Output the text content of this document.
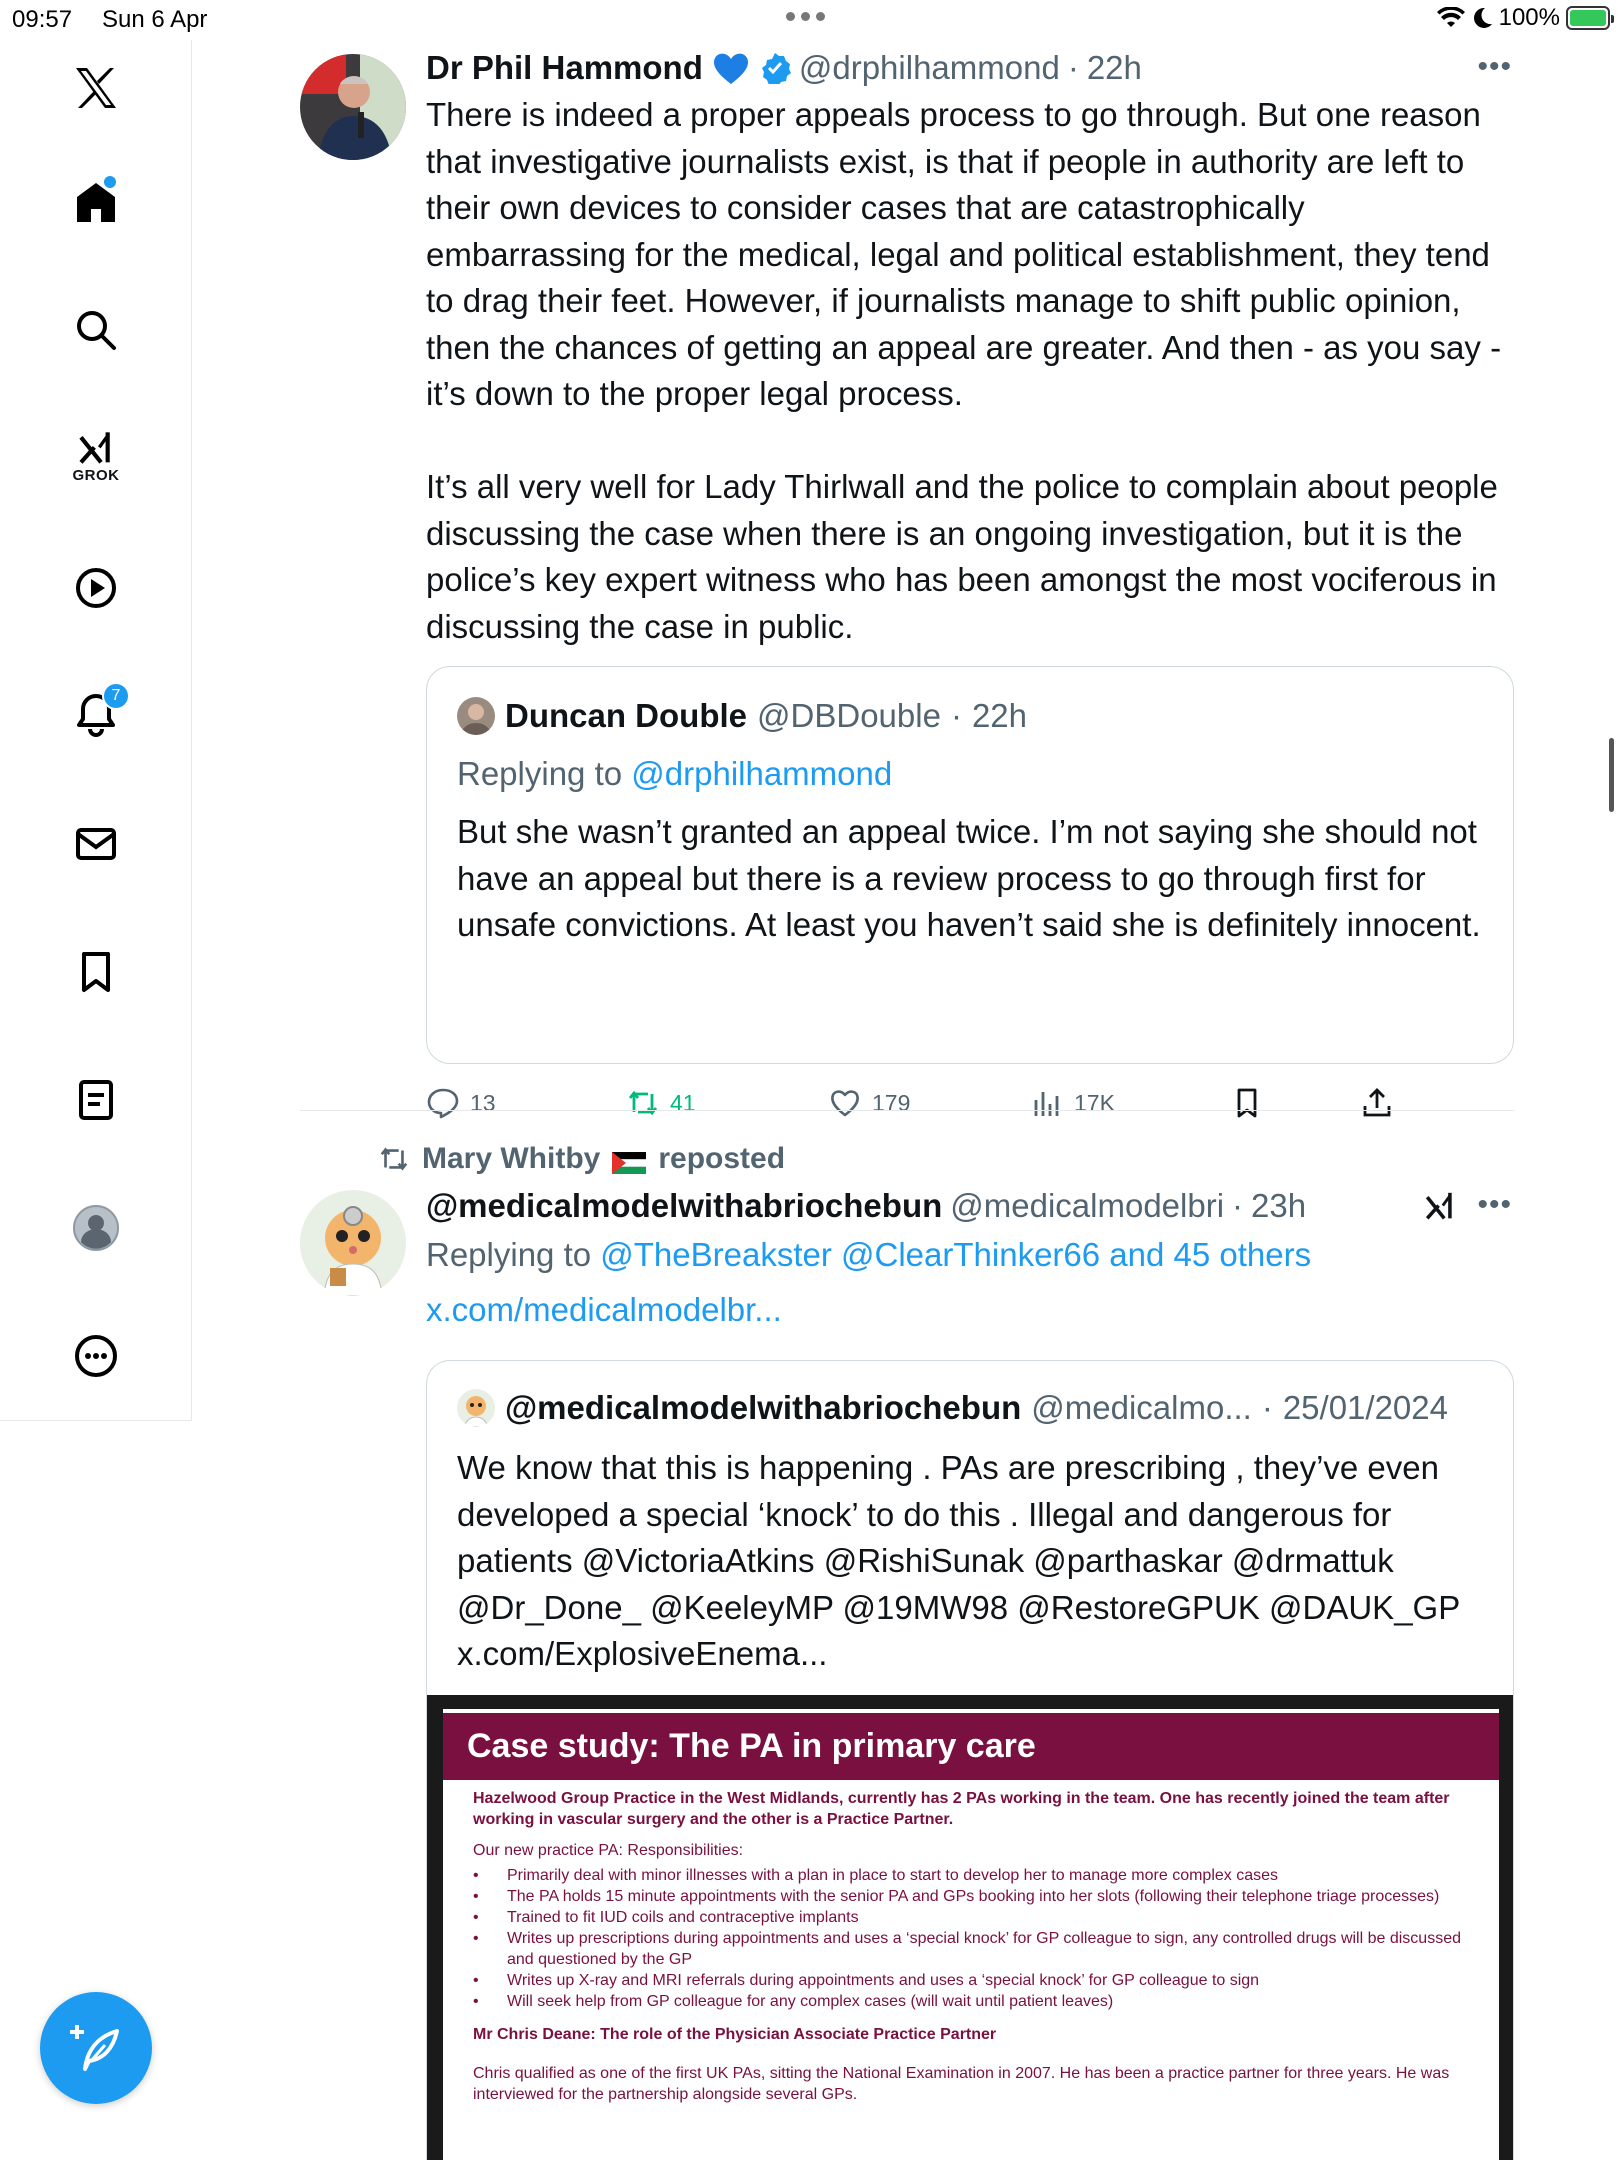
09:57 Sun 6 Apr	100%
GROK
7
Dr Phil Hammond	@drphilhammond · 22h	•••
There is indeed a proper appeals process to go through. But one reason that investigative journalists exist, is that if people in authority are left to their own devices to consider cases that are catastrophically embarrassing for the medical, legal and political establishment, they tend to drag their feet. However, if journalists manage to shift public opinion, then the chances of getting an appeal are greater. And then - as you say - it’s down to the proper legal process.

It’s all very well for Lady Thirlwall and the police to complain about people discussing the case when there is an ongoing investigation, but it is the police’s key expert witness who has been amongst the most vociferous in discussing the case in public.
Duncan Double @DBDouble · 22h
Replying to @drphilhammond
But she wasn’t granted an appeal twice. I’m not saying she should not have an appeal but there is a review process to go through first for unsafe convictions. At least you haven’t said she is definitely innocent.
13	41	179	17K
Mary Whitby reposted
@medicalmodelwithabriochebun @medicalmodelbri · 23h	•••
Replying to @TheBreakster @ClearThinker66 and 45 others
x.com/medicalmodelbr...
@medicalmodelwithabriochebun @medicalmo... · 25/01/2024
We know that this is happening . PAs are prescribing , they’ve even developed a special ‘knock’ to do this . Illegal and dangerous for patients @VictoriaAtkins @RishiSunak @parthaskar @drmattuk @Dr_Done_ @KeeleyMP @19MW98 @RestoreGPUK @DAUK_GP x.com/ExplosiveEnema...
Case study: The PA in primary care

Hazelwood Group Practice in the West Midlands, currently has 2 PAs working in the team. One has recently joined the team after working in vascular surgery and the other is a Practice Partner.

Our new practice PA: Responsibilities:

• Primarily deal with minor illnesses with a plan in place to start to develop her to manage more complex cases
• The PA holds 15 minute appointments with the senior PA and GPs booking into her slots (following their telephone triage processes)
• Trained to fit IUD coils and contraceptive implants
• Writes up prescriptions during appointments and uses a ‘special knock’ for GP colleague to sign, any controlled drugs will be discussed and questioned by the GP
• Writes up X-ray and MRI referrals during appointments and uses a ‘special knock’ for GP colleague to sign
• Will seek help from GP colleague for any complex cases (will wait until patient leaves)

Mr Chris Deane: The role of the Physician Associate Practice Partner

Chris qualified as one of the first UK PAs, sitting the National Examination in 2007. He has been a practice partner for three years. He was interviewed for the partnership alongside several GPs.
